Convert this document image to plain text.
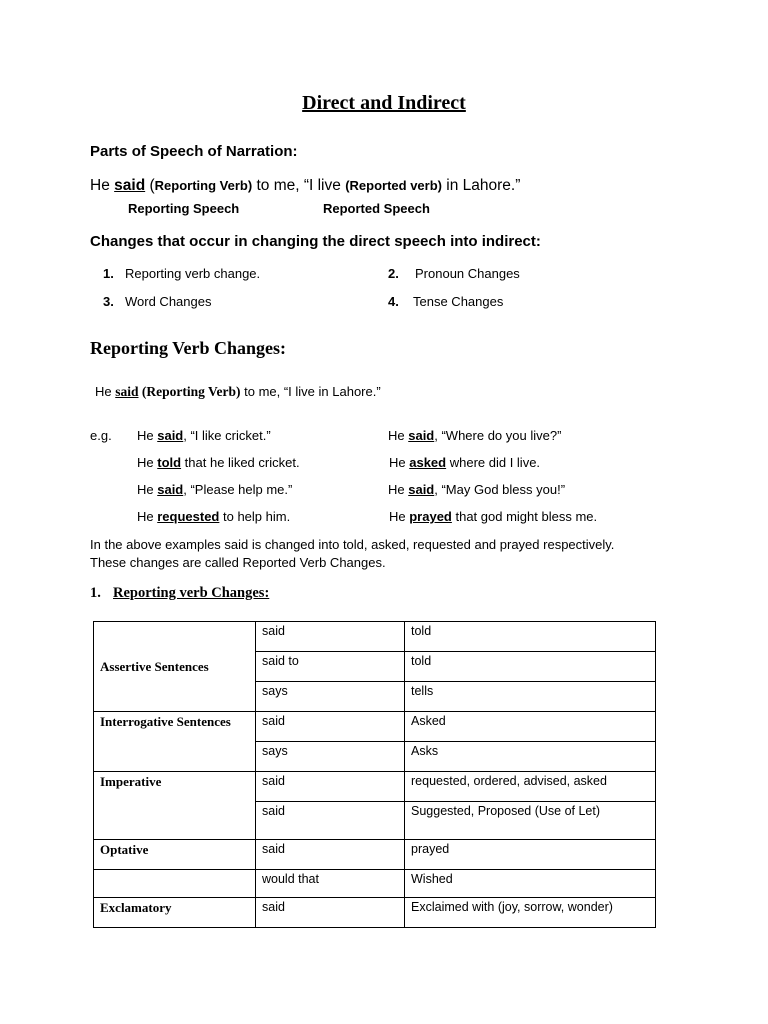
Direct and Indirect
Parts of Speech of Narration:
He said (Reporting Verb) to me, “I live (Reported verb) in Lahore.”
Reporting Speech	Reported Speech
Changes that occur in changing the direct speech into indirect:
1. Reporting verb change.	2. Pronoun Changes
3. Word Changes	4. Tense Changes
Reporting Verb Changes:
He said (Reporting Verb) to me, “I live in Lahore.”
e.g. He said, “I like cricket.”	He said, “Where do you live?”
He told that he liked cricket.	He asked where did I live.
He said, “Please help me.”	He said, “May God bless you!”
He requested to help him.	He prayed that god might bless me.
In the above examples said is changed into told, asked, requested and prayed respectively.
These changes are called Reported Verb Changes.
1. Reporting verb Changes:
Assertive Sentences	said	told
	said to	told
	says	tells
Interrogative Sentences	said	Asked
	says	Asks
Imperative	said	requested, ordered, advised, asked
	said	Suggested, Proposed (Use of Let)
Optative	said	prayed
	would that	Wished
Exclamatory	said	Exclaimed with (joy, sorrow, wonder)
